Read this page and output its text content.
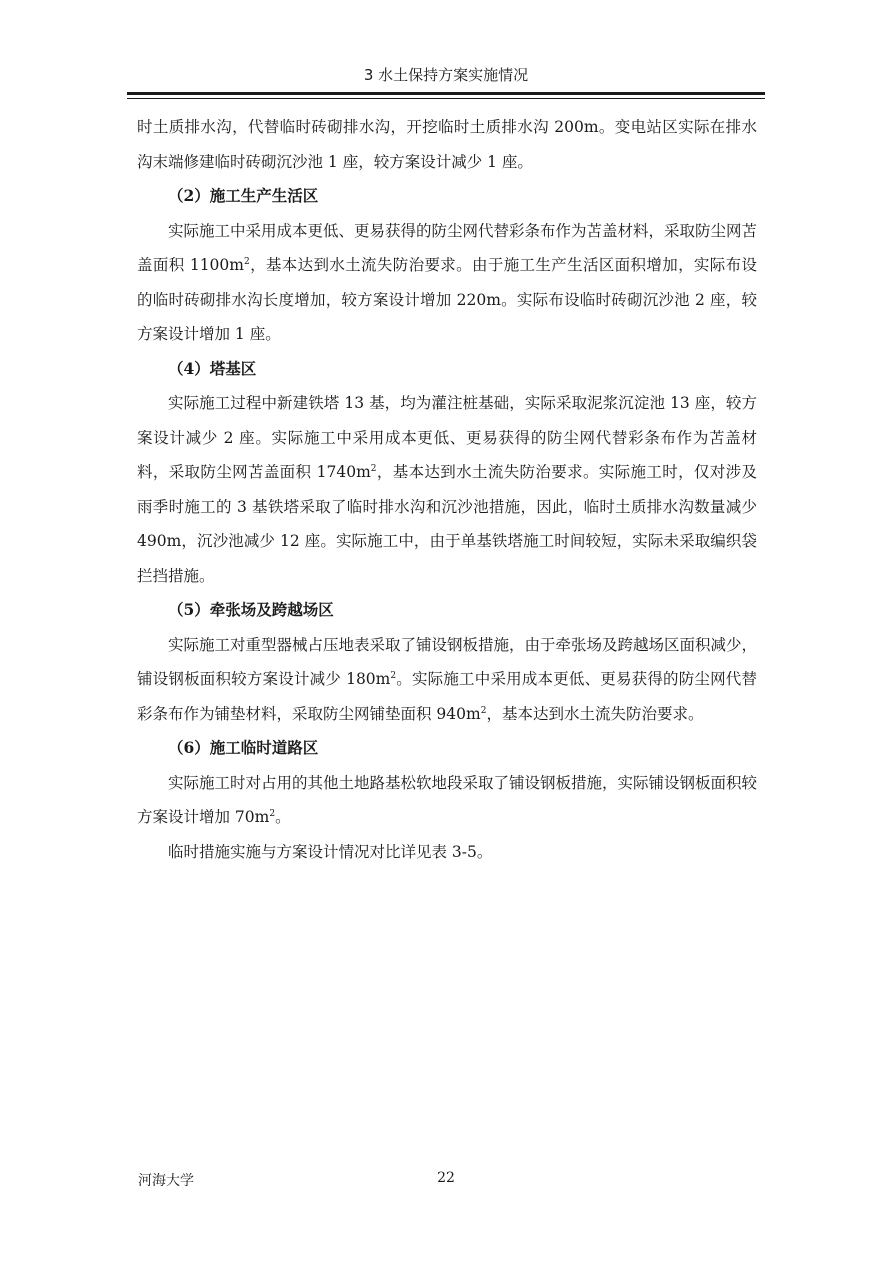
3 水土保持方案实施情况

时土质排水沟，代替临时砖砌排水沟，开挖临时土质排水沟 200m。变电站区实际在排水沟末端修建临时砖砌沉沙池 1 座，较方案设计减少 1 座。

（2）施工生产生活区

实际施工中采用成本更低、更易获得的防尘网代替彩条布作为苫盖材料，采取防尘网苫盖面积 $1100m^2$，基本达到水土流失防治要求。由于施工生产生活区面积增加，实际布设的临时砖砌排水沟长度增加，较方案设计增加 220m。实际布设临时砖砌沉沙池 2 座，较方案设计增加 1 座。

（4）塔基区

实际施工过程中新建铁塔 13 基，均为灌注桩基础，实际采取泥浆沉淀池 13 座，较方案设计减少 2 座。实际施工中采用成本更低、更易获得的防尘网代替彩条布作为苫盖材料，采取防尘网苫盖面积 $1740m^2$，基本达到水土流失防治要求。实际施工时，仅对涉及雨季时施工的 3 基铁塔采取了临时排水沟和沉沙池措施，因此，临时土质排水沟数量减少 490m，沉沙池减少 12 座。实际施工中，由于单基铁塔施工时间较短，实际未采取编织袋拦挡措施。

（5）牵张场及跨越场区

实际施工对重型器械占压地表采取了铺设钢板措施，由于牵张场及跨越场区面积减少，铺设钢板面积较方案设计减少 $180m^2$。实际施工中采用成本更低、更易获得的防尘网代替彩条布作为铺垫材料，采取防尘网铺垫面积 $940m^2$，基本达到水土流失防治要求。

（6）施工临时道路区

实际施工时对占用的其他土地路基松软地段采取了铺设钢板措施，实际铺设钢板面积较方案设计增加 $70m^2$。

临时措施实施与方案设计情况对比详见表 3-5。

河海大学	22
